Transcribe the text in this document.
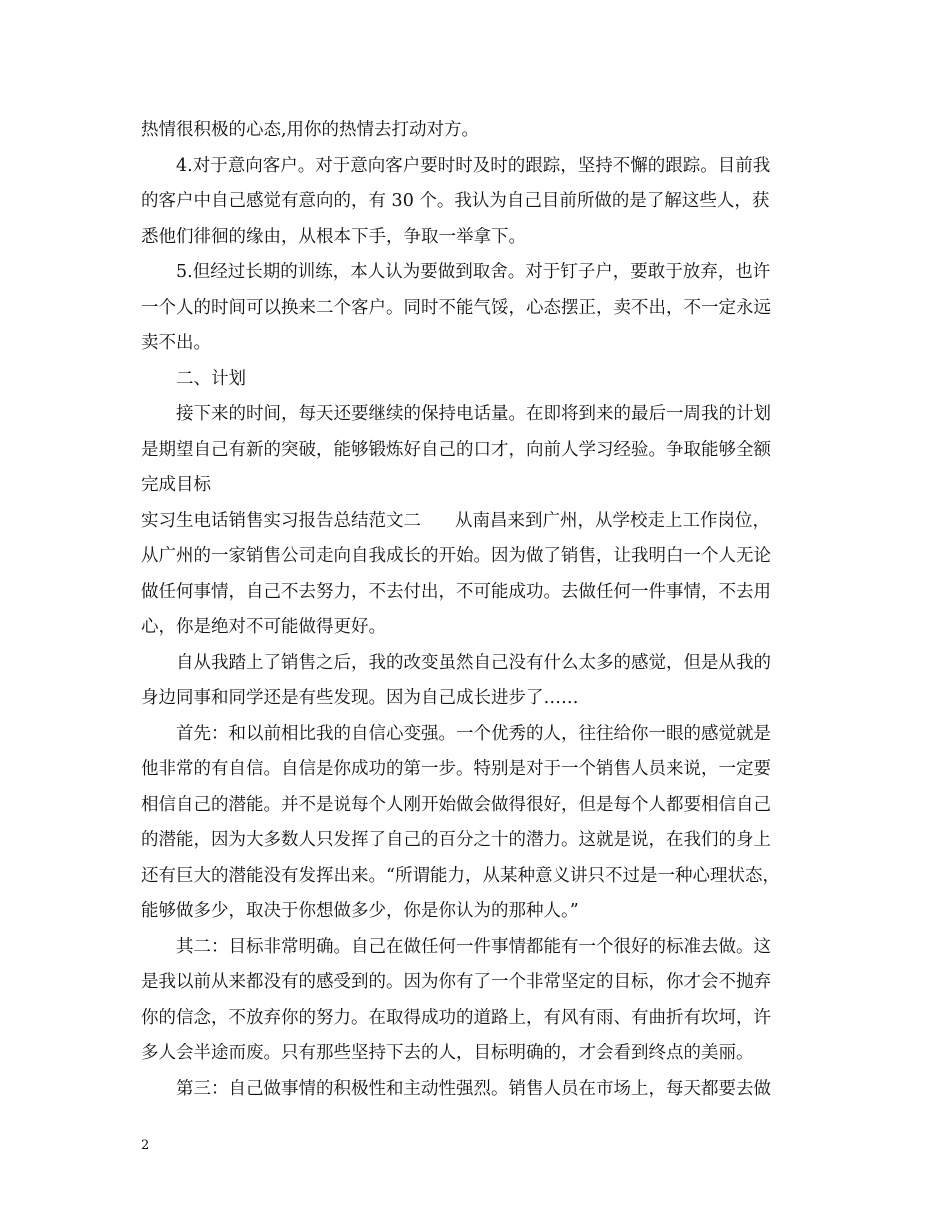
热情很积极的心态,用你的热情去打动对方。
4.对于意向客户。对于意向客户要时时及时的跟踪，坚持不懈的跟踪。目前我
的客户中自己感觉有意向的，有 30 个。我认为自己目前所做的是了解这些人，获
悉他们徘徊的缘由，从根本下手，争取一举拿下。
5.但经过长期的训练，本人认为要做到取舍。对于钉子户，要敢于放弃，也许
一个人的时间可以换来二个客户。同时不能气馁，心态摆正，卖不出，不一定永远
卖不出。
二、计划
接下来的时间，每天还要继续的保持电话量。在即将到来的最后一周我的计划
是期望自己有新的突破，能够锻炼好自己的口才，向前人学习经验。争取能够全额
完成目标
实习生电话销售实习报告总结范文二 从南昌来到广州，从学校走上工作岗位，
从广州的一家销售公司走向自我成长的开始。因为做了销售，让我明白一个人无论
做任何事情，自己不去努力，不去付出，不可能成功。去做任何一件事情，不去用
心，你是绝对不可能做得更好。
自从我踏上了销售之后，我的改变虽然自己没有什么太多的感觉，但是从我的
身边同事和同学还是有些发现。因为自己成长进步了……
首先：和以前相比我的自信心变强。一个优秀的人，往往给你一眼的感觉就是
他非常的有自信。自信是你成功的第一步。特别是对于一个销售人员来说，一定要
相信自己的潜能。并不是说每个人刚开始做会做得很好，但是每个人都要相信自己
的潜能，因为大多数人只发挥了自己的百分之十的潜力。这就是说，在我们的身上
还有巨大的潜能没有发挥出来。“所谓能力，从某种意义讲只不过是一种心理状态，
能够做多少，取决于你想做多少，你是你认为的那种人。”
其二：目标非常明确。自己在做任何一件事情都能有一个很好的标准去做。这
是我以前从来都没有的感受到的。因为你有了一个非常坚定的目标，你才会不抛弃
你的信念，不放弃你的努力。在取得成功的道路上，有风有雨、有曲折有坎坷，许
多人会半途而废。只有那些坚持下去的人，目标明确的，才会看到终点的美丽。
第三：自己做事情的积极性和主动性强烈。销售人员在市场上，每天都要去做
2
